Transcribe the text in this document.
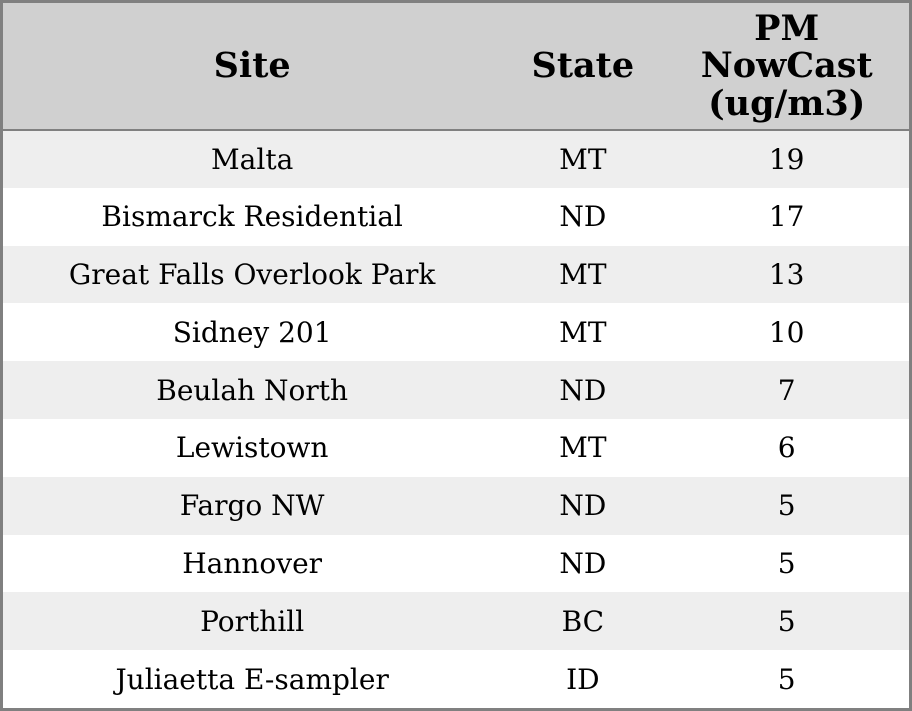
Site	State	PM NowCast (ug/m3)
Malta	MT	19
Bismarck Residential	ND	17
Great Falls Overlook Park	MT	13
Sidney 201	MT	10
Beulah North	ND	7
Lewistown	MT	6
Fargo NW	ND	5
Hannover	ND	5
Porthill	BC	5
Juliaetta E-sampler	ID	5
